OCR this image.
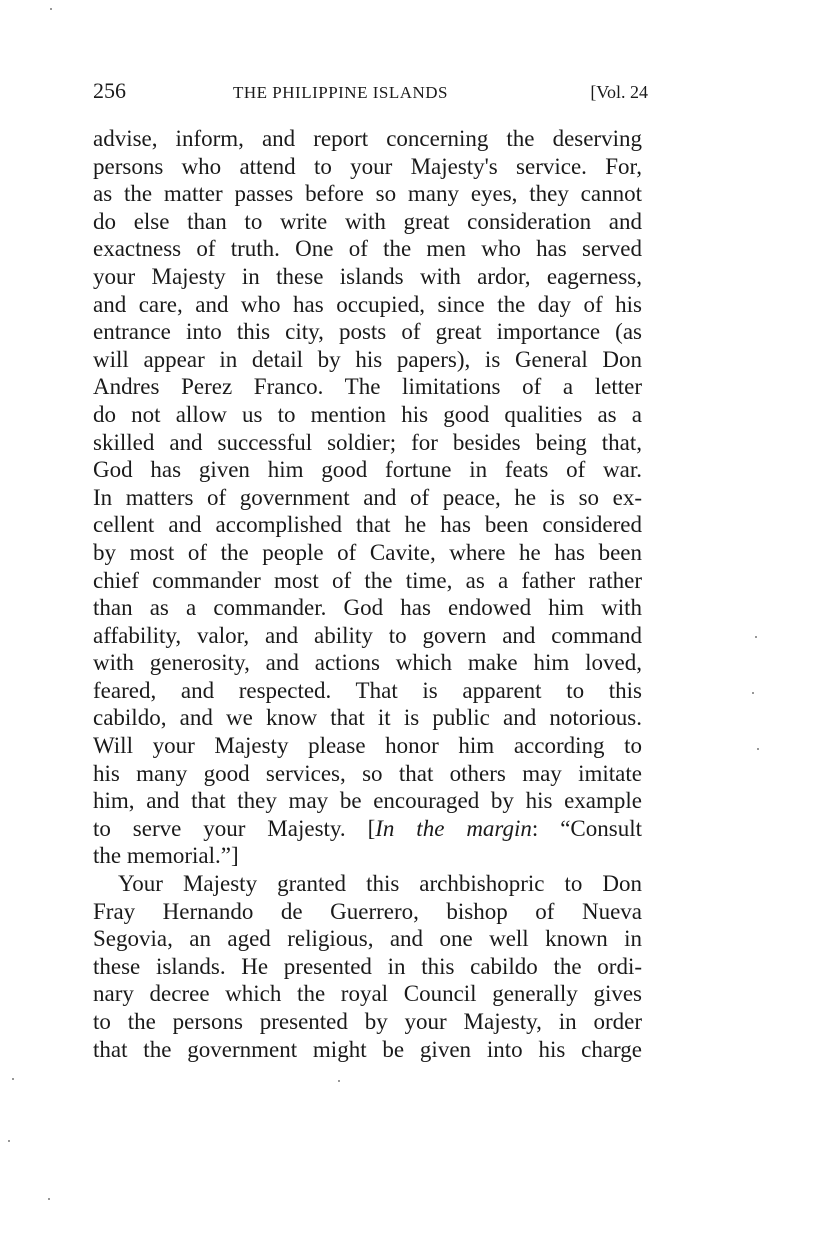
256	THE PHILIPPINE ISLANDS	[Vol. 24
advise, inform, and report concerning the deserving
persons who attend to your Majesty's service. For,
as the matter passes before so many eyes, they cannot
do else than to write with great consideration and
exactness of truth. One of the men who has served
your Majesty in these islands with ardor, eagerness,
and care, and who has occupied, since the day of his
entrance into this city, posts of great importance (as
will appear in detail by his papers), is General Don
Andres Perez Franco. The limitations of a letter
do not allow us to mention his good qualities as a
skilled and successful soldier; for besides being that,
God has given him good fortune in feats of war.
In matters of government and of peace, he is so ex-
cellent and accomplished that he has been considered
by most of the people of Cavite, where he has been
chief commander most of the time, as a father rather
than as a commander. God has endowed him with
affability, valor, and ability to govern and command
with generosity, and actions which make him loved,
feared, and respected. That is apparent to this
cabildo, and we know that it is public and notorious.
Will your Majesty please honor him according to
his many good services, so that others may imitate
him, and that they may be encouraged by his example
to serve your Majesty. [In the margin: “Consult
the memorial.”]
Your Majesty granted this archbishopric to Don
Fray Hernando de Guerrero, bishop of Nueva
Segovia, an aged religious, and one well known in
these islands. He presented in this cabildo the ordi-
nary decree which the royal Council generally gives
to the persons presented by your Majesty, in order
that the government might be given into his charge
